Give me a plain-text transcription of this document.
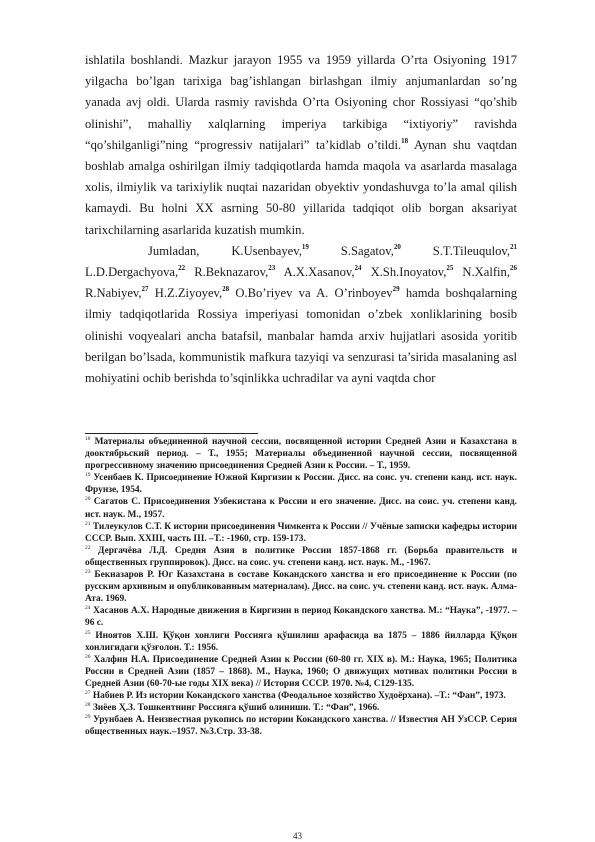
ishlatila boshlandi. Mazkur jarayon 1955 va 1959 yillarda O’rta Osiyoning 1917 yilgacha bo’lgan tarixiga bag’ishlangan birlashgan ilmiy anjumanlardan so’ng yanada avj oldi. Ularda rasmiy ravishda O’rta Osiyoning chor Rossiyasi “qo’shib olinishi”, mahalliy xalqlarning imperiya tarkibiga “ixtiyoriy” ravishda “qo’shilganligi”ning “progressiv natijalari” ta’kidlab o’tildi.$^{18}$ Aynan shu vaqtdan boshlab amalga oshirilgan ilmiy tadqiqotlarda hamda maqola va asarlarda masalaga xolis, ilmiylik va tarixiylik nuqtai nazaridan obyektiv yondashuvga to’la amal qilish kamaydi. Bu holni XX asrning 50-80 yillarida tadqiqot olib borgan aksariyat tarixchilarning asarlarida kuzatish mumkin.

Jumladan, K.Usenbayev,$^{19}$ S.Sagatov,$^{20}$ S.T.Tileuqulov,$^{21}$ L.D.Dergachyova,$^{22}$ R.Beknazarov,$^{23}$ A.X.Xasanov,$^{24}$ X.Sh.Inoyatov,$^{25}$ N.Xalfin,$^{26}$ R.Nabiyev,$^{27}$ H.Z.Ziyoyev,$^{28}$ O.Bo’riyev va A. O’rinboyev$^{29}$ hamda boshqalarning ilmiy tadqiqotlarida Rossiya imperiyasi tomonidan o’zbek xonliklarining bosib olinishi voqyealari ancha batafsil, manbalar hamda arxiv hujjatlari asosida yoritib berilgan bo’lsada, kommunistik mafkura tazyiqi va senzurasi ta’sirida masalaning asl mohiyatini ochib berishda to’sqinlikka uchradilar va ayni vaqtda chor

$^{18}$ Материалы объединенной научной сессии, посвященной истории Средней Азии и Казахстана в доoктябрьский период. – Т., 1955; Материалы объединенной научной сессии, посвященной прогрессивному значению присоединения Средней Азии к России. – Т., 1959.

$^{19}$ Усенбаев К. Присоединение Южной Киргизии к России. Дисс. на соис. уч. степени канд. ист. наук. Фрунзе, 1954.

$^{20}$ Сагатов С. Присоединения Узбекистана к России и его значение. Дисс. на соис. уч. степени канд. ист. наук. М., 1957.

$^{21}$ Тилеукулов С.Т. К истории присоединения Чимкента к России // Учёные записки кафедры истории СССР. Вып. XXIII, часть III. –Т.: -1960, стр. 159-173.

$^{22}$ Дергачёва Л.Д. Средня Азия в политике России 1857-1868 гг. (Борьба правительств и общественных группировок). Дисс. на соис. уч. степени канд. ист. наук. М., -1967.

$^{23}$ Бекназаров Р. Юг Казахстана в составе Кокандского ханства и его присоединение к России (по русским архивным и опубликованным материалам). Дисс. на соис. уч. степени канд. ист. наук. Алма-Ата. 1969.

$^{24}$ Хасанов А.Х. Народные движения в Киргизии в период Кокандского ханства. М.: “Наука”, -1977. –96 с.

$^{25}$ Иноятов Х.Ш. Қўқон хонлиги Россияга қўшилиш арафасида ва 1875 – 1886 йилларда Қўқон хонлигидаги қўзғолон. Т.: 1956.

$^{26}$ Халфин Н.А. Присоединение Средней Азии к России (60-80 гг. XIX в). М.: Наука, 1965; Политика России в Средней Азии (1857 – 1868). М., Наука, 1960; О движущих мотивах политики России в Средней Азии (60-70-ые годы XIX века) // История СССР. 1970. №4, С129-135.

$^{27}$ Набиев Р. Из истории Кокандского ханства (Феодальное хозяйство Худоёрхана). –Т.: “Фан”, 1973.

$^{28}$ Зиёев Ҳ.З. Тошкентнинг Россияга қўшиб олиниши. Т.: “Фан”, 1966.

$^{29}$ Урунбаев А. Неизвестная рукопись по истории Кокандского ханства. // Известия АН УзССР. Серия общественных наук.–1957. №3.Стр. 33-38.

43
